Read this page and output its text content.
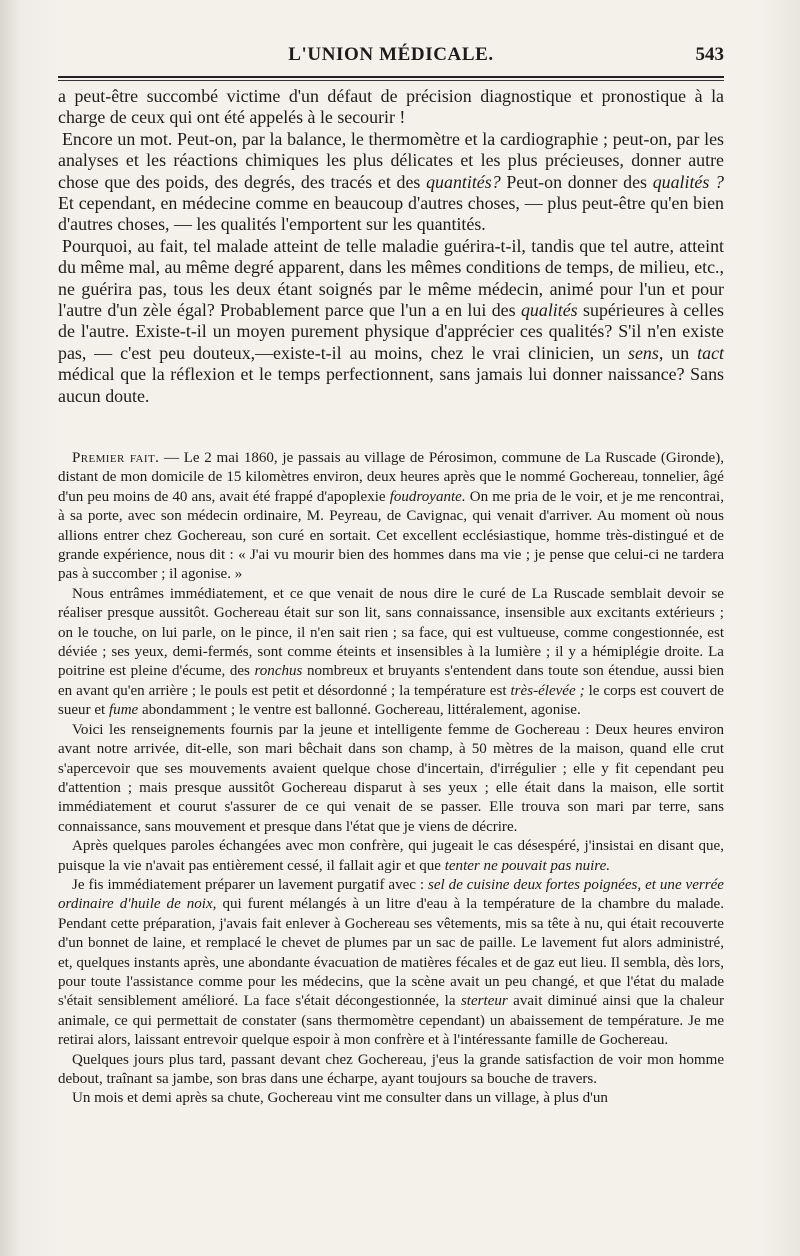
L'UNION MÉDICALE.	543

a peut-être succombé victime d'un défaut de précision diagnostique et pronostique à la charge de ceux qui ont été appelés à le secourir !

Encore un mot. Peut-on, par la balance, le thermomètre et la cardiographie ; peut-on, par les analyses et les réactions chimiques les plus délicates et les plus précieuses, donner autre chose que des poids, des degrés, des tracés et des quantités? Peut-on donner des qualités ? Et cependant, en médecine comme en beaucoup d'autres choses, — plus peut-être qu'en bien d'autres choses, — les qualités l'emportent sur les quantités.

Pourquoi, au fait, tel malade atteint de telle maladie guérira-t-il, tandis que tel autre, atteint du même mal, au même degré apparent, dans les mêmes conditions de temps, de milieu, etc., ne guérira pas, tous les deux étant soignés par le même médecin, animé pour l'un et pour l'autre d'un zèle égal? Probablement parce que l'un a en lui des qualités supérieures à celles de l'autre. Existe-t-il un moyen purement physique d'apprécier ces qualités? S'il n'en existe pas, — c'est peu douteux,—existe-t-il au moins, chez le vrai clinicien, un sens, un tact médical que la réflexion et le temps perfectionnent, sans jamais lui donner naissance? Sans aucun doute.

Premier fait. — Le 2 mai 1860, je passais au village de Pérosimon, commune de La Ruscade (Gironde), distant de mon domicile de 15 kilomètres environ, deux heures après que le nommé Gochereau, tonnelier, âgé d'un peu moins de 40 ans, avait été frappé d'apoplexie foudroyante. On me pria de le voir, et je me rencontrai, à sa porte, avec son médecin ordinaire, M. Peyreau, de Cavignac, qui venait d'arriver. Au moment où nous allions entrer chez Gochereau, son curé en sortait. Cet excellent ecclésiastique, homme très-distingué et de grande expérience, nous dit : « J'ai vu mourir bien des hommes dans ma vie ; je pense que celui-ci ne tardera pas à succomber ; il agonise. »

Nous entrâmes immédiatement, et ce que venait de nous dire le curé de La Ruscade semblait devoir se réaliser presque aussitôt. Gochereau était sur son lit, sans connaissance, insensible aux excitants extérieurs ; on le touche, on lui parle, on le pince, il n'en sait rien ; sa face, qui est vultueuse, comme congestionnée, est déviée ; ses yeux, demi-fermés, sont comme éteints et insensibles à la lumière ; il y a hémiplégie droite. La poitrine est pleine d'écume, des ronchus nombreux et bruyants s'entendent dans toute son étendue, aussi bien en avant qu'en arrière ; le pouls est petit et désordonné ; la température est très-élevée ; le corps est couvert de sueur et fume abondamment ; le ventre est ballonné. Gochereau, littéralement, agonise.

Voici les renseignements fournis par la jeune et intelligente femme de Gochereau : Deux heures environ avant notre arrivée, dit-elle, son mari bêchait dans son champ, à 50 mètres de la maison, quand elle crut s'apercevoir que ses mouvements avaient quelque chose d'incertain, d'irrégulier ; elle y fit cependant peu d'attention ; mais presque aussitôt Gochereau disparut à ses yeux ; elle était dans la maison, elle sortit immédiatement et courut s'assurer de ce qui venait de se passer. Elle trouva son mari par terre, sans connaissance, sans mouvement et presque dans l'état que je viens de décrire.

Après quelques paroles échangées avec mon confrère, qui jugeait le cas désespéré, j'insistai en disant que, puisque la vie n'avait pas entièrement cessé, il fallait agir et que tenter ne pouvait pas nuire.

Je fis immédiatement préparer un lavement purgatif avec : sel de cuisine deux fortes poignées, et une verrée ordinaire d'huile de noix, qui furent mélangés à un litre d'eau à la température de la chambre du malade. Pendant cette préparation, j'avais fait enlever à Gochereau ses vêtements, mis sa tête à nu, qui était recouverte d'un bonnet de laine, et remplacé le chevet de plumes par un sac de paille. Le lavement fut alors administré, et, quelques instants après, une abondante évacuation de matières fécales et de gaz eut lieu. Il sembla, dès lors, pour toute l'assistance comme pour les médecins, que la scène avait un peu changé, et que l'état du malade s'était sensiblement amélioré. La face s'était décongestionnée, la sterteur avait diminué ainsi que la chaleur animale, ce qui permettait de constater (sans thermomètre cependant) un abaissement de température. Je me retirai alors, laissant entrevoir quelque espoir à mon confrère et à l'intéressante famille de Gochereau.

Quelques jours plus tard, passant devant chez Gochereau, j'eus la grande satisfaction de voir mon homme debout, traînant sa jambe, son bras dans une écharpe, ayant toujours sa bouche de travers.

Un mois et demi après sa chute, Gochereau vint me consulter dans un village, à plus d'un
